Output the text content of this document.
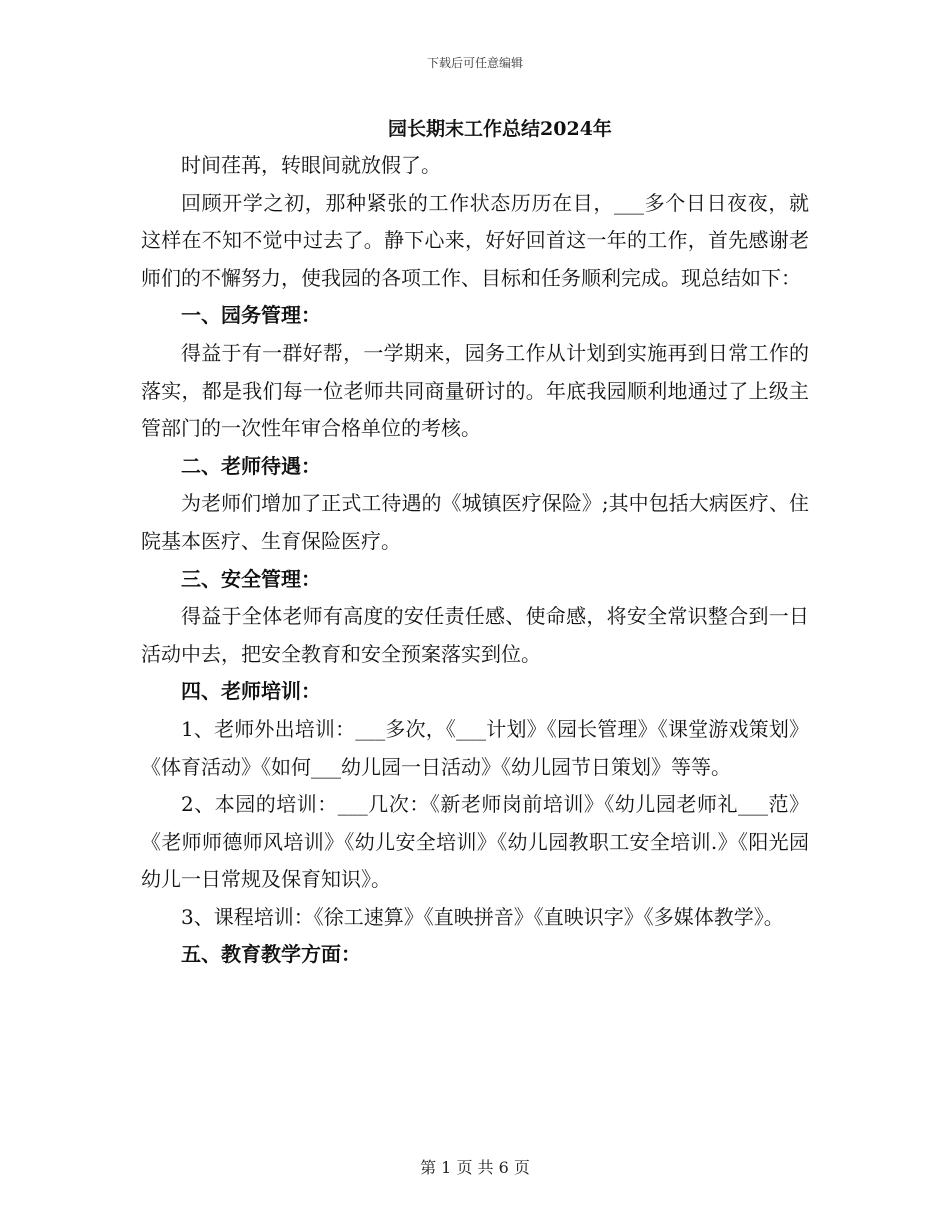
下载后可任意编辑
园长期末工作总结2024年

时间荏苒，转眼间就放假了。

回顾开学之初，那种紧张的工作状态历历在目，___多个日日夜夜，就这样在不知不觉中过去了。静下心来，好好回首这一年的工作，首先感谢老师们的不懈努力，使我园的各项工作、目标和任务顺利完成。现总结如下：

一、园务管理：

得益于有一群好帮，一学期来，园务工作从计划到实施再到日常工作的落实，都是我们每一位老师共同商量研讨的。年底我园顺利地通过了上级主管部门的一次性年审合格单位的考核。

二、老师待遇：

为老师们增加了正式工待遇的《城镇医疗保险》;其中包括大病医疗、住院基本医疗、生育保险医疗。

三、安全管理：

得益于全体老师有高度的安任责任感、使命感，将安全常识整合到一日活动中去，把安全教育和安全预案落实到位。

四、老师培训：

1、老师外出培训：___多次，《___计划》《园长管理》《课堂游戏策划》《体育活动》《如何___幼儿园一日活动》《幼儿园节日策划》等等。

2、本园的培训：___几次：《新老师岗前培训》《幼儿园老师礼___范》《老师师德师风培训》《幼儿安全培训》《幼儿园教职工安全培训.》《阳光园幼儿一日常规及保育知识》。

3、课程培训：《徐工速算》《直映拼音》《直映识字》《多媒体教学》。

五、教育教学方面：

第 1 页 共 6 页
